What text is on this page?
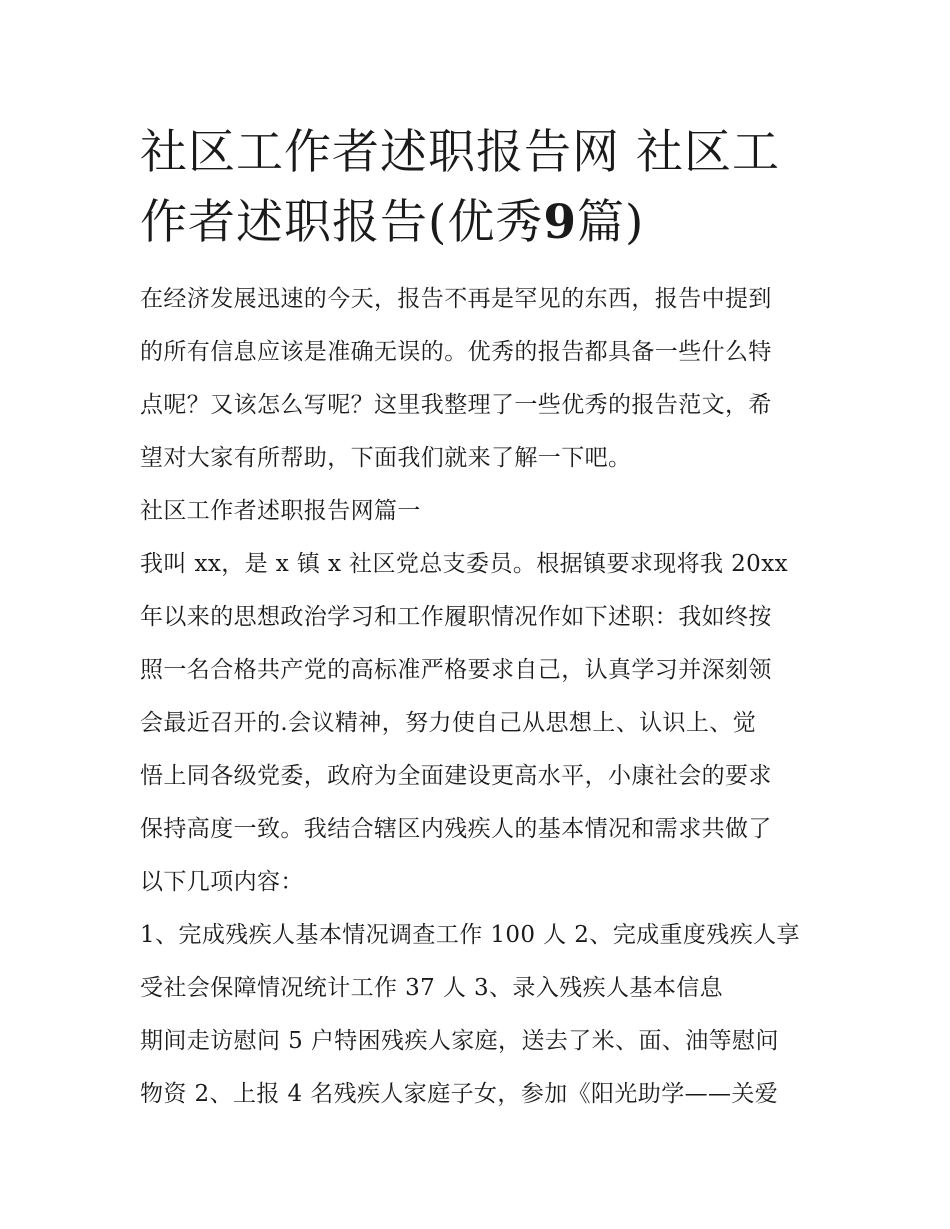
社区工作者述职报告网 社区工
作者述职报告(优秀9篇)
在经济发展迅速的今天，报告不再是罕见的东西，报告中提到
的所有信息应该是准确无误的。优秀的报告都具备一些什么特
点呢？又该怎么写呢？这里我整理了一些优秀的报告范文，希
望对大家有所帮助，下面我们就来了解一下吧。
社区工作者述职报告网篇一
我叫 xx，是 x 镇 x 社区党总支委员。根据镇要求现将我 20xx
年以来的思想政治学习和工作履职情况作如下述职：我如终按
照一名合格共产党的高标准严格要求自己，认真学习并深刻领
会最近召开的.会议精神，努力使自己从思想上、认识上、觉
悟上同各级党委，政府为全面建设更高水平，小康社会的要求
保持高度一致。我结合辖区内残疾人的基本情况和需求共做了
以下几项内容：
1、完成残疾人基本情况调查工作 100 人 2、完成重度残疾人享
受社会保障情况统计工作 37 人 3、录入残疾人基本信息
期间走访慰问 5 户特困残疾人家庭，送去了米、面、油等慰问
物资 2、上报 4 名残疾人家庭子女，参加《阳光助学——关爱
